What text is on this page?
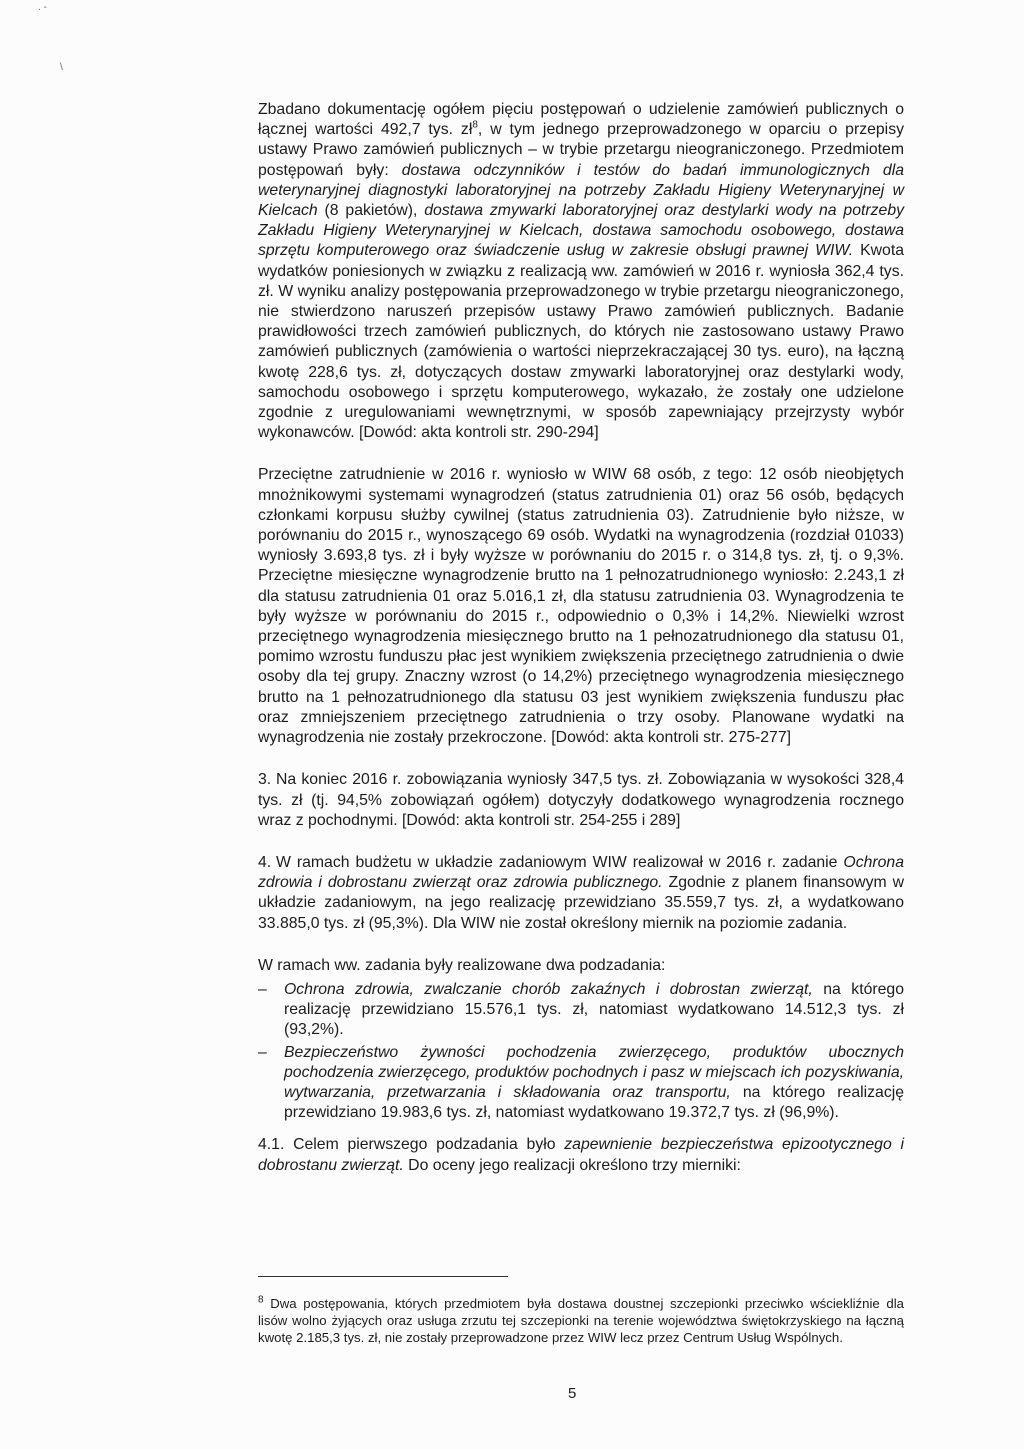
. -
\

Zbadano dokumentację ogółem pięciu postępowań o udzielenie zamówień publicznych o łącznej wartości 492,7 tys. $zł^8$, w tym jednego przeprowadzonego w oparciu o przepisy ustawy Prawo zamówień publicznych – w trybie przetargu nieograniczonego. Przedmiotem postępowań były: dostawa odczynników i testów do badań immunologicznych dla weterynaryjnej diagnostyki laboratoryjnej na potrzeby Zakładu Higieny Weterynaryjnej w Kielcach (8 pakietów), dostawa zmywarki laboratoryjnej oraz destylarki wody na potrzeby Zakładu Higieny Weterynaryjnej w Kielcach, dostawa samochodu osobowego, dostawa sprzętu komputerowego oraz świadczenie usług w zakresie obsługi prawnej WIW. Kwota wydatków poniesionych w związku z realizacją ww. zamówień w 2016 r. wyniosła 362,4 tys. zł. W wyniku analizy postępowania przeprowadzonego w trybie przetargu nieograniczonego, nie stwierdzono naruszeń przepisów ustawy Prawo zamówień publicznych. Badanie prawidłowości trzech zamówień publicznych, do których nie zastosowano ustawy Prawo zamówień publicznych (zamówienia o wartości nieprzekraczającej 30 tys. euro), na łączną kwotę 228,6 tys. zł, dotyczących dostaw zmywarki laboratoryjnej oraz destylarki wody, samochodu osobowego i sprzętu komputerowego, wykazało, że zostały one udzielone zgodnie z uregulowaniami wewnętrznymi, w sposób zapewniający przejrzysty wybór wykonawców. [Dowód: akta kontroli str. 290-294]

Przeciętne zatrudnienie w 2016 r. wyniosło w WIW 68 osób, z tego: 12 osób nieobjętych mnożnikowymi systemami wynagrodzeń (status zatrudnienia 01) oraz 56 osób, będących członkami korpusu służby cywilnej (status zatrudnienia 03). Zatrudnienie było niższe, w porównaniu do 2015 r., wynoszącego 69 osób. Wydatki na wynagrodzenia (rozdział 01033) wyniosły 3.693,8 tys. zł i były wyższe w porównaniu do 2015 r. o 314,8 tys. zł, tj. o 9,3%. Przeciętne miesięczne wynagrodzenie brutto na 1 pełnozatrudnionego wyniosło: 2.243,1 zł dla statusu zatrudnienia 01 oraz 5.016,1 zł, dla statusu zatrudnienia 03. Wynagrodzenia te były wyższe w porównaniu do 2015 r., odpowiednio o 0,3% i 14,2%. Niewielki wzrost przeciętnego wynagrodzenia miesięcznego brutto na 1 pełnozatrudnionego dla statusu 01, pomimo wzrostu funduszu płac jest wynikiem zwiększenia przeciętnego zatrudnienia o dwie osoby dla tej grupy. Znaczny wzrost (o 14,2%) przeciętnego wynagrodzenia miesięcznego brutto na 1 pełnozatrudnionego dla statusu 03 jest wynikiem zwiększenia funduszu płac oraz zmniejszeniem przeciętnego zatrudnienia o trzy osoby. Planowane wydatki na wynagrodzenia nie zostały przekroczone. [Dowód: akta kontroli str. 275-277]

3. Na koniec 2016 r. zobowiązania wyniosły 347,5 tys. zł. Zobowiązania w wysokości 328,4 tys. zł (tj. 94,5% zobowiązań ogółem) dotyczyły dodatkowego wynagrodzenia rocznego wraz z pochodnymi. [Dowód: akta kontroli str. 254-255 i 289]

4. W ramach budżetu w układzie zadaniowym WIW realizował w 2016 r. zadanie Ochrona zdrowia i dobrostanu zwierząt oraz zdrowia publicznego. Zgodnie z planem finansowym w układzie zadaniowym, na jego realizację przewidziano 35.559,7 tys. zł, a wydatkowano 33.885,0 tys. zł (95,3%). Dla WIW nie został określony miernik na poziomie zadania.

W ramach ww. zadania były realizowane dwa podzadania:

– Ochrona zdrowia, zwalczanie chorób zakaźnych i dobrostan zwierząt, na którego realizację przewidziano 15.576,1 tys. zł, natomiast wydatkowano 14.512,3 tys. zł (93,2%).
– Bezpieczeństwo żywności pochodzenia zwierzęcego, produktów ubocznych pochodzenia zwierzęcego, produktów pochodnych i pasz w miejscach ich pozyskiwania, wytwarzania, przetwarzania i składowania oraz transportu, na którego realizację przewidziano 19.983,6 tys. zł, natomiast wydatkowano 19.372,7 tys. zł (96,9%).

4.1. Celem pierwszego podzadania było zapewnienie bezpieczeństwa epizootycznego i dobrostanu zwierząt. Do oceny jego realizacji określono trzy mierniki:

$^8$ Dwa postępowania, których przedmiotem była dostawa doustnej szczepionki przeciwko wściekliźnie dla lisów wolno żyjących oraz usługa zrzutu tej szczepionki na terenie województwa świętokrzyskiego na łączną kwotę 2.185,3 tys. zł, nie zostały przeprowadzone przez WIW lecz przez Centrum Usług Wspólnych.
5
